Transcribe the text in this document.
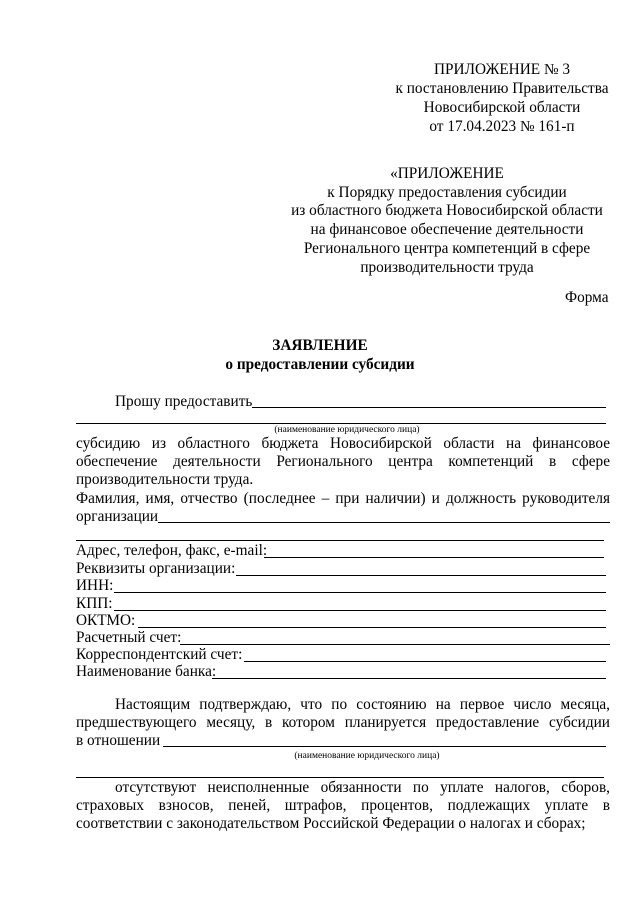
ПРИЛОЖЕНИЕ № 3
к постановлению Правительства
Новосибирской области
от 17.04.2023 № 161-п
«ПРИЛОЖЕНИЕ
к Порядку предоставления субсидии
из областного бюджета Новосибирской области
на финансовое обеспечение деятельности
Регионального центра компетенций в сфере
производительности труда
Форма
ЗАЯВЛЕНИЕ
о предоставлении субсидии
Прошу предоставить
(наименование юридического лица)
субсидию из областного бюджета Новосибирской области на финансовое
обеспечение деятельности Регионального центра компетенций в сфере
производительности труда.
Фамилия, имя, отчество (последнее – при наличии) и должность руководителя
организации
Адрес, телефон, факс, e-mail:
Реквизиты организации:
ИНН:
КПП:
ОКТМО:
Расчетный счет:
Корреспондентский счет:
Наименование банка:
Настоящим подтверждаю, что по состоянию на первое число месяца,
предшествующего месяцу, в котором планируется предоставление субсидии
в отношении
(наименование юридического лица)
отсутствуют неисполненные обязанности по уплате налогов, сборов,
страховых взносов, пеней, штрафов, процентов, подлежащих уплате в
соответствии с законодательством Российской Федерации о налогах и сборах;
